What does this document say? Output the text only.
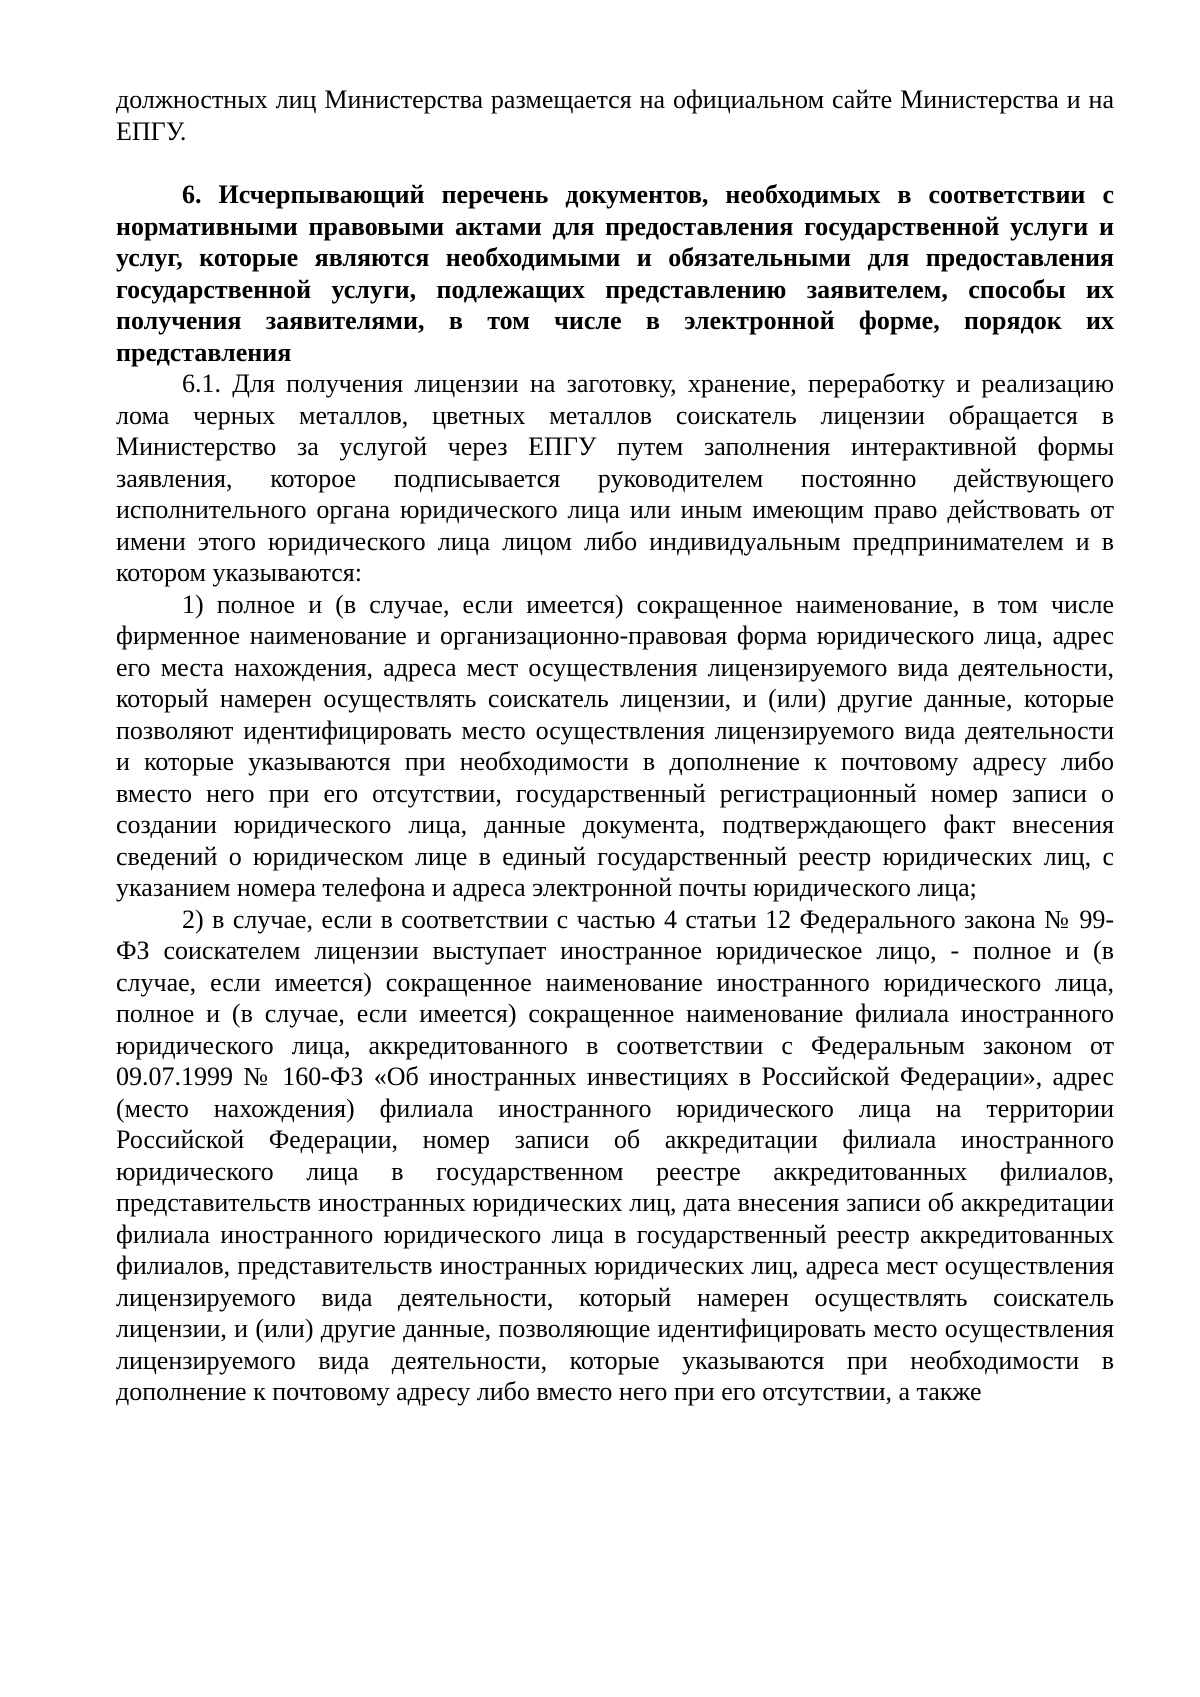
должностных лиц Министерства размещается на официальном сайте Министерства и на ЕПГУ.

6. Исчерпывающий перечень документов, необходимых в соответствии с нормативными правовыми актами для предоставления государственной услуги и услуг, которые являются необходимыми и обязательными для предоставления государственной услуги, подлежащих представлению заявителем, способы их получения заявителями, в том числе в электронной форме, порядок их представления

6.1. Для получения лицензии на заготовку, хранение, переработку и реализацию лома черных металлов, цветных металлов соискатель лицензии обращается в Министерство за услугой через ЕПГУ путем заполнения интерактивной формы заявления, которое подписывается руководителем постоянно действующего исполнительного органа юридического лица или иным имеющим право действовать от имени этого юридического лица лицом либо индивидуальным предпринимателем и в котором указываются:

1) полное и (в случае, если имеется) сокращенное наименование, в том числе фирменное наименование и организационно-правовая форма юридического лица, адрес его места нахождения, адреса мест осуществления лицензируемого вида деятельности, который намерен осуществлять соискатель лицензии, и (или) другие данные, которые позволяют идентифицировать место осуществления лицензируемого вида деятельности и которые указываются при необходимости в дополнение к почтовому адресу либо вместо него при его отсутствии, государственный регистрационный номер записи о создании юридического лица, данные документа, подтверждающего факт внесения сведений о юридическом лице в единый государственный реестр юридических лиц, с указанием номера телефона и адреса электронной почты юридического лица;

2) в случае, если в соответствии с частью 4 статьи 12 Федерального закона № 99-ФЗ соискателем лицензии выступает иностранное юридическое лицо, - полное и (в случае, если имеется) сокращенное наименование иностранного юридического лица, полное и (в случае, если имеется) сокращенное наименование филиала иностранного юридического лица, аккредитованного в соответствии с Федеральным законом от 09.07.1999 № 160-ФЗ «Об иностранных инвестициях в Российской Федерации», адрес (место нахождения) филиала иностранного юридического лица на территории Российской Федерации, номер записи об аккредитации филиала иностранного юридического лица в государственном реестре аккредитованных филиалов, представительств иностранных юридических лиц, дата внесения записи об аккредитации филиала иностранного юридического лица в государственный реестр аккредитованных филиалов, представительств иностранных юридических лиц, адреса мест осуществления лицензируемого вида деятельности, который намерен осуществлять соискатель лицензии, и (или) другие данные, позволяющие идентифицировать место осуществления лицензируемого вида деятельности, которые указываются при необходимости в дополнение к почтовому адресу либо вместо него при его отсутствии, а также
